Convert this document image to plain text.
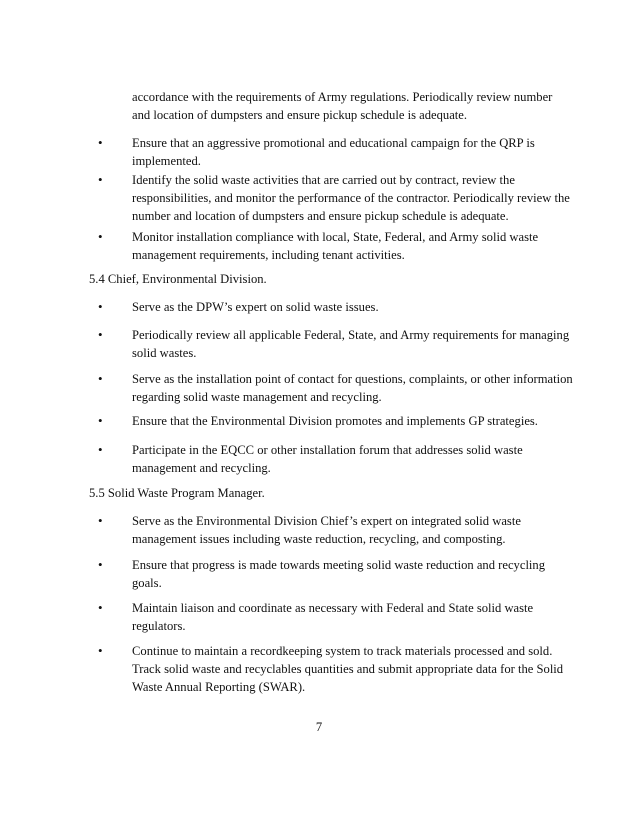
accordance with the requirements of Army regulations. Periodically review number and location of dumpsters and ensure pickup schedule is adequate.
•	Ensure that an aggressive promotional and educational campaign for the QRP is implemented.
•	Identify the solid waste activities that are carried out by contract, review the responsibilities, and monitor the performance of the contractor. Periodically review the number and location of dumpsters and ensure pickup schedule is adequate.
•	Monitor installation compliance with local, State, Federal, and Army solid waste management requirements, including tenant activities.
5.4 Chief, Environmental Division.
•	Serve as the DPW’s expert on solid waste issues.
•	Periodically review all applicable Federal, State, and Army requirements for managing solid wastes.
•	Serve as the installation point of contact for questions, complaints, or other information regarding solid waste management and recycling.
•	Ensure that the Environmental Division promotes and implements GP strategies.
•	Participate in the EQCC or other installation forum that addresses solid waste management and recycling.
5.5 Solid Waste Program Manager.
•	Serve as the Environmental Division Chief’s expert on integrated solid waste management issues including waste reduction, recycling, and composting.
•	Ensure that progress is made towards meeting solid waste reduction and recycling goals.
•	Maintain liaison and coordinate as necessary with Federal and State solid waste regulators.
•	Continue to maintain a recordkeeping system to track materials processed and sold. Track solid waste and recyclables quantities and submit appropriate data for the Solid Waste Annual Reporting (SWAR).
7
